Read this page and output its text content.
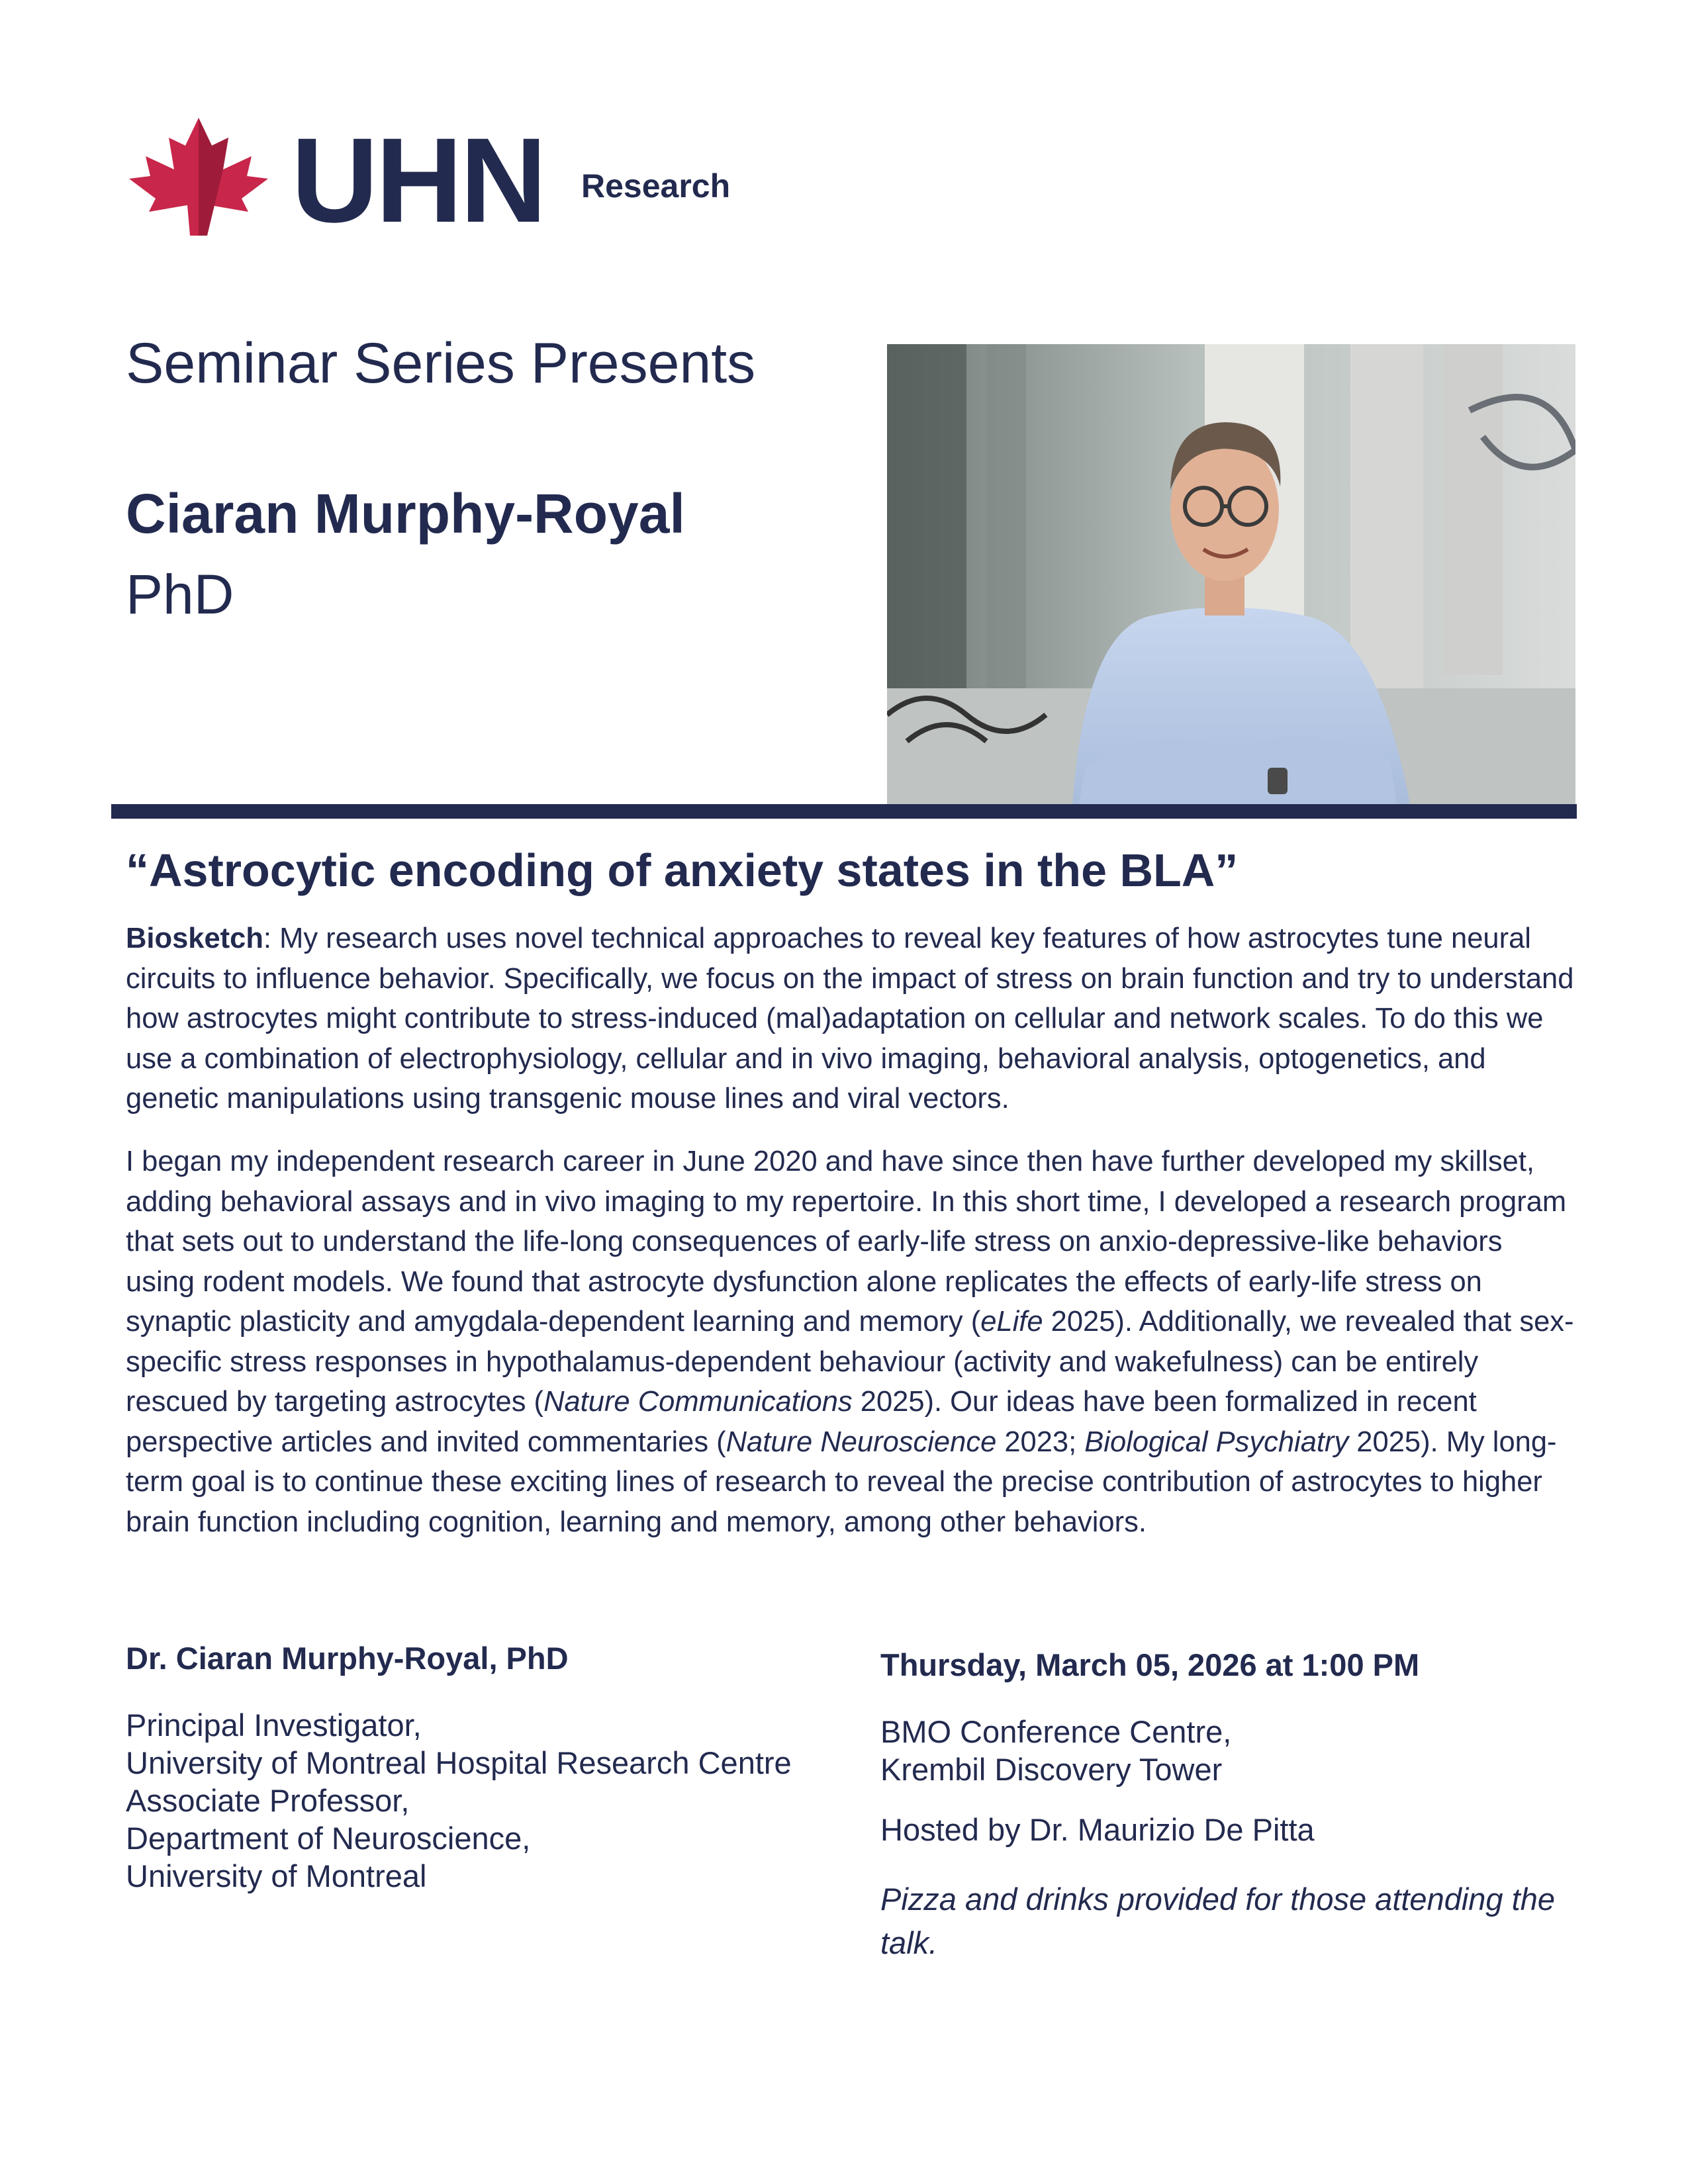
UHN Research
Seminar Series Presents
Ciaran Murphy-Royal
PhD
“Astrocytic encoding of anxiety states in the BLA”
Biosketch: My research uses novel technical approaches to reveal key features of how astrocytes tune neural circuits to influence behavior. Specifically, we focus on the impact of stress on brain function and try to understand how astrocytes might contribute to stress-induced (mal)adaptation on cellular and network scales. To do this we use a combination of electrophysiology, cellular and in vivo imaging, behavioral analysis, optogenetics, and genetic manipulations using transgenic mouse lines and viral vectors.
I began my independent research career in June 2020 and have since then have further developed my skillset, adding behavioral assays and in vivo imaging to my repertoire. In this short time, I developed a research program that sets out to understand the life-long consequences of early-life stress on anxio-depressive-like behaviors using rodent models. We found that astrocyte dysfunction alone replicates the effects of early-life stress on synaptic plasticity and amygdala-dependent learning and memory (eLife 2025). Additionally, we revealed that sex-specific stress responses in hypothalamus-dependent behaviour (activity and wakefulness) can be entirely rescued by targeting astrocytes (Nature Communications 2025). Our ideas have been formalized in recent perspective articles and invited commentaries (Nature Neuroscience 2023; Biological Psychiatry 2025). My long-term goal is to continue these exciting lines of research to reveal the precise contribution of astrocytes to higher brain function including cognition, learning and memory, among other behaviors.
Dr. Ciaran Murphy-Royal, PhD
Principal Investigator,
University of Montreal Hospital Research Centre
Associate Professor,
Department of Neuroscience,
University of Montreal
Thursday, March 05, 2026 at 1:00 PM
BMO Conference Centre,
Krembil Discovery Tower
Hosted by Dr. Maurizio De Pitta
Pizza and drinks provided for those attending the talk.
